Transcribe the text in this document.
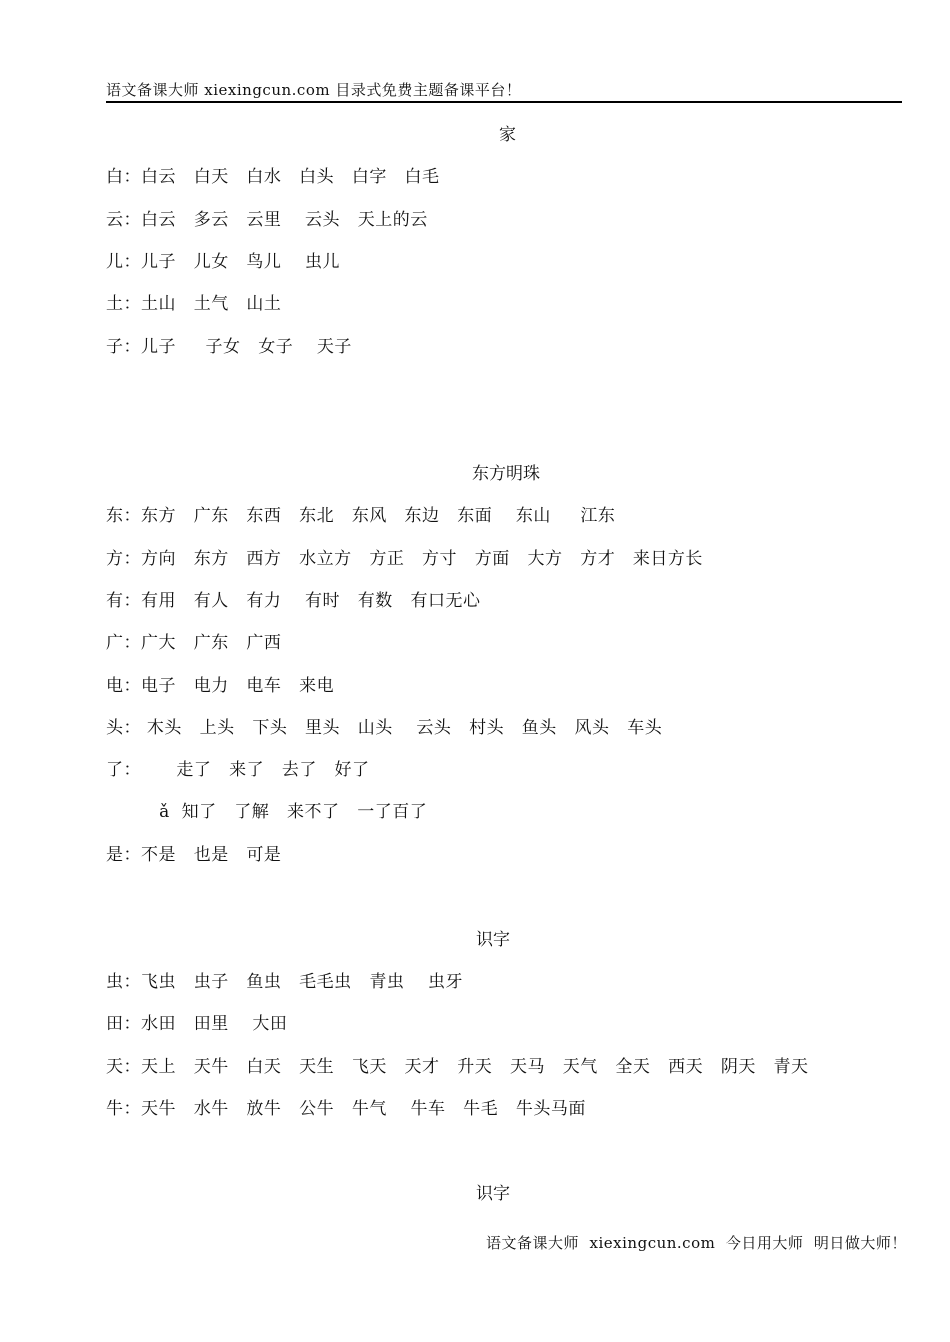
语文备课大师 xiexingcun.com 目录式免费主题备课平台！
家
白：白云   白天   白水   白头   白字   白毛
云：白云   多云   云里    云头   天上的云
儿：儿子   儿女   鸟儿    虫儿
土：土山   土气   山土
子：儿子     子女   女子    天子
东方明珠
东：东方   广东   东西   东北   东风   东边   东面    东山     江东
方：方向   东方   西方   水立方   方正   方寸   方面   大方   方才   来日方长
有：有用   有人   有力    有时   有数   有口无心
广：广大   广东   广西
电：电子   电力   电车   来电
头： 木头   上头   下头   里头   山头    云头   村头   鱼头   风头   车头
了：      走了   来了   去了   好了
ǎ  知了   了解   来不了   一了百了
是：不是   也是   可是
识字
虫：飞虫   虫子   鱼虫   毛毛虫   青虫    虫牙
田：水田   田里    大田
天：天上   天牛   白天   天生   飞天   天才   升天   天马   天气   全天   西天   阴天   青天
牛：天牛   水牛   放牛   公牛   牛气    牛车   牛毛   牛头马面
识字
语文备课大师  xiexingcun.com  今日用大师  明日做大师！
